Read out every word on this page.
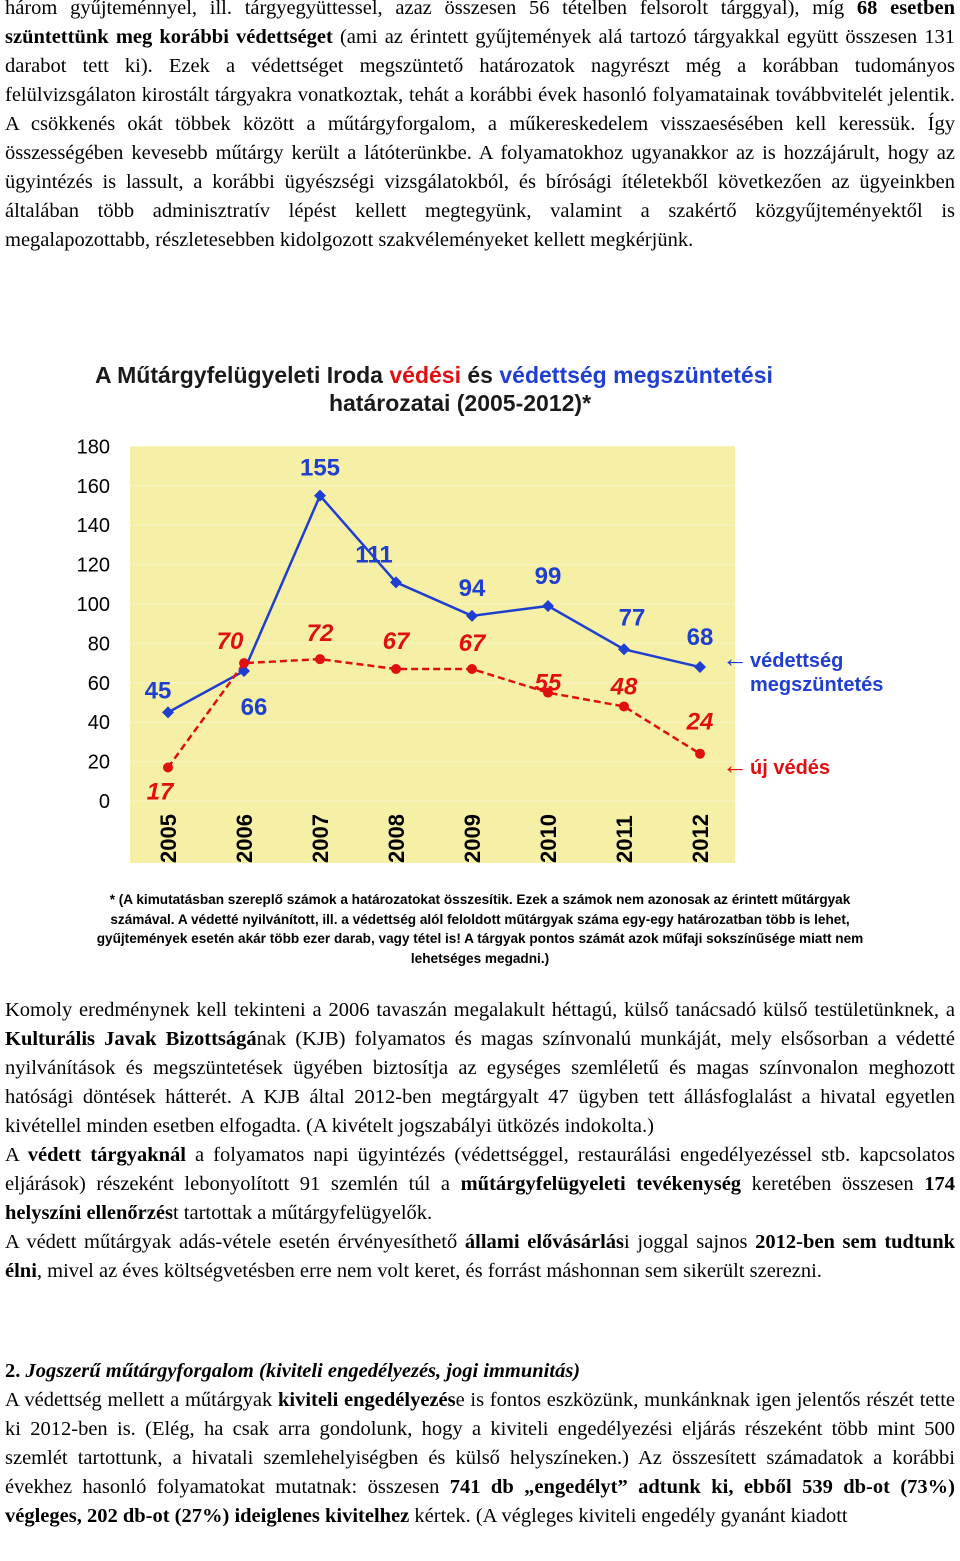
három gyűjteménnyel, ill. tárgyegyüttessel, azaz összesen 56 tételben felsorolt tárggyal), míg 68 esetben szüntettünk meg korábbi védettséget (ami az érintett gyűjtemények alá tartozó tárgyakkal együtt összesen 131 darabot tett ki). Ezek a védettséget megszüntető határozatok nagyrészt még a korábban tudományos felülvizsgálaton kirostált tárgyakra vonatkoztak, tehát a korábbi évek hasonló folyamatainak továbbvitelét jelentik. A csökkenés okát többek között a műtárgyforgalom, a műkereskedelem visszaesésében kell keressük. Így összességében kevesebb műtárgy került a látóterünkbe. A folyamatokhoz ugyanakkor az is hozzájárult, hogy az ügyintézés is lassult, a korábbi ügyészségi vizsgálatokból, és bírósági ítéletekből következően az ügyeinkben általában több adminisztratív lépést kellett megtegyünk, valamint a szakértő közgyűjteményektől is megalapozottabb, részletesebben kidolgozott szakvéleményeket kellett megkérjünk.

A Műtárgyfelügyeleti Iroda védési és védettség megszüntetési
határozatai (2005-2012)*
0
20
40
60
80
100
120
140
160
180
2005 2006 2007 2008 2009 2010 2011 2012
45
66
155
111
94 99
77
68
17
70	72 67 67
55 48
24
← védettség
megszüntetés
← új védés
* (A kimutatásban szereplő számok a határozatokat összesítik. Ezek a számok nem azonosak az érintett műtárgyak
számával. A védetté nyilvánított, ill. a védettség alól feloldott műtárgyak száma egy-egy határozatban több is lehet,
gyűjtemények esetén akár több ezer darab, vagy tétel is! A tárgyak pontos számát azok műfaji sokszínűsége miatt nem
lehetséges megadni.)
Komoly eredménynek kell tekinteni a 2006 tavaszán megalakult héttagú, külső tanácsadó külső testületünknek, a Kulturális Javak Bizottságának (KJB) folyamatos és magas színvonalú munkáját, mely elsősorban a védetté nyilvánítások és megszüntetések ügyében biztosítja az egységes szemléletű és magas színvonalon meghozott hatósági döntések hátterét. A KJB által 2012-ben megtárgyalt 47 ügyben tett állásfoglalást a hivatal egyetlen kivétellel minden esetben elfogadta. (A kivételt jogszabályi ütközés indokolta.)
A védett tárgyaknál a folyamatos napi ügyintézés (védettséggel, restaurálási engedélyezéssel stb. kapcsolatos eljárások) részeként lebonyolított 91 szemlén túl a műtárgyfelügyeleti tevékenység keretében összesen 174 helyszíni ellenőrzést tartottak a műtárgyfelügyelők.
A védett műtárgyak adás-vétele esetén érvényesíthető állami elővásárlási joggal sajnos 2012-ben sem tudtunk élni, mivel az éves költségvetésben erre nem volt keret, és forrást máshonnan sem sikerült szerezni.
2. Jogszerű műtárgyforgalom (kiviteli engedélyezés, jogi immunitás)
A védettség mellett a műtárgyak kiviteli engedélyezése is fontos eszközünk, munkánknak igen jelentős részét tette ki 2012-ben is. (Elég, ha csak arra gondolunk, hogy a kiviteli engedélyezési eljárás részeként több mint 500 szemlét tartottunk, a hivatali szemlehelyiségben és külső helyszíneken.) Az összesített számadatok a korábbi évekhez hasonló folyamatokat mutatnak: összesen 741 db „engedélyt” adtunk ki, ebből 539 db-ot (73%) végleges, 202 db-ot (27%) ideiglenes kivitelhez kértek. (A végleges kiviteli engedély gyanánt kiadott
